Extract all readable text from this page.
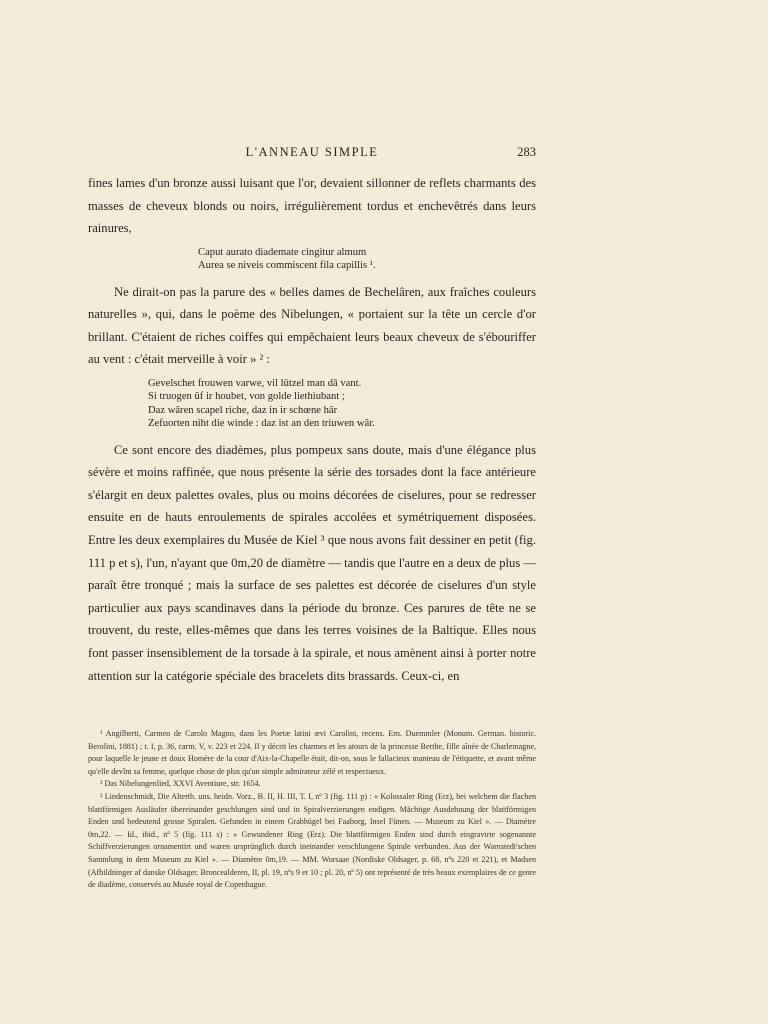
L'ANNEAU SIMPLE	283

fines lames d'un bronze aussi luisant que l'or, devaient sillonner de reflets charmants des masses de cheveux blonds ou noirs, irrégulièrement tordus et enchevêtrés dans leurs rainures,

Caput aurato diademate cingitur almum
Aurea se niveis commiscent fila capillis ¹.

Ne dirait-on pas la parure des « belles dames de Bechelâren, aux fraîches couleurs naturelles », qui, dans le poème des Nibelungen, « portaient sur la tête un cercle d'or brillant. C'étaient de riches coiffes qui empêchaient leurs beaux cheveux de s'ébouriffer au vent : c'était merveille à voir » ² :

Gevelschet frouwen varwe, vil lûtzel man dâ vant.
Si truogen ûf ir houbet, von golde liethiubant ;
Daz wâren scapel riche, daz in ir schœne hâr
Zefuorten niht die winde : daz ist an den triuwen wâr.

Ce sont encore des diadèmes, plus pompeux sans doute, mais d'une élégance plus sévère et moins raffinée, que nous présente la série des torsades dont la face antérieure s'élargit en deux palettes ovales, plus ou moins décorées de ciselures, pour se redresser ensuite en de hauts enroulements de spirales accolées et symétriquement disposées. Entre les deux exemplaires du Musée de Kiel ³ que nous avons fait dessiner en petit (fig. 111 p et s), l'un, n'ayant que 0m,20 de diamètre — tandis que l'autre en a deux de plus — paraît être tronqué ; mais la surface de ses palettes est décorée de ciselures d'un style particulier aux pays scandinaves dans la période du bronze. Ces parures de tête ne se trouvent, du reste, elles-mêmes que dans les terres voisines de la Baltique. Elles nous font passer insensiblement de la torsade à la spirale, et nous amènent ainsi à porter notre attention sur la catégorie spéciale des bracelets dits brassards. Ceux-ci, en

¹ Angilberti, Carmen de Carolo Magno, dans les Poetæ latini ævi Carolini, recens. Ern. Duemmler (Monum. German. historic. Berolini, 1881) ; t. I, p. 36, carm. V, v. 223 et 224. Il y décrit les charmes et les atours de la princesse Berthe, fille aînée de Charlemagne, pour laquelle le jeune et doux Homère de la cour d'Aix-la-Chapelle était, dit-on, sous le fallacieux manteau de l'étiquette, et avant même qu'elle devînt sa femme, quelque chose de plus qu'un simple admirateur zélé et respectueux.

² Das Nibelungenlied, XXVI Aventiure, str. 1654.

³ Lindenschmidt, Die Alterth. uns. heidn. Vorz., B. II, H. III, T. I, nº 3 (fig. 111 p) : « Kolossaler Ring (Erz), bei welchem die flachen blattförmigen Ausläufer übereinander geschlungen sind und in Spiralverzierungen endigen. Mächtige Ausdehnung der blattförmigen Enden und bedeutend grosse Spiralen. Gefunden in einem Grabhügel bei Faaborg, Insel Fünen. — Museum zu Kiel ». — Diamètre 0m,22. — Id., ibid., nº 5 (fig. 111 s) : « Gewundener Ring (Erz). Die blattförmigen Enden sind durch eingravirte sogenannte Schiffverzierungen ornamentirt und waren ursprünglich durch ineinander verschlungene Spirale verbunden. Aus der Warnstedt'schen Sammlung in dem Museum zu Kiel ». — Diamètre 0m,19. — MM. Worsaae (Nordiske Oldsager, p. 68, nºs 220 et 221), et Madsen (Afbildninger af danske Oldsager. Broncealderen, II, pl. 19, nºs 9 et 10 ; pl. 20, nº 5) ont représenté de très beaux exemplaires de ce genre de diadème, conservés au Musée royal de Copenhague.
